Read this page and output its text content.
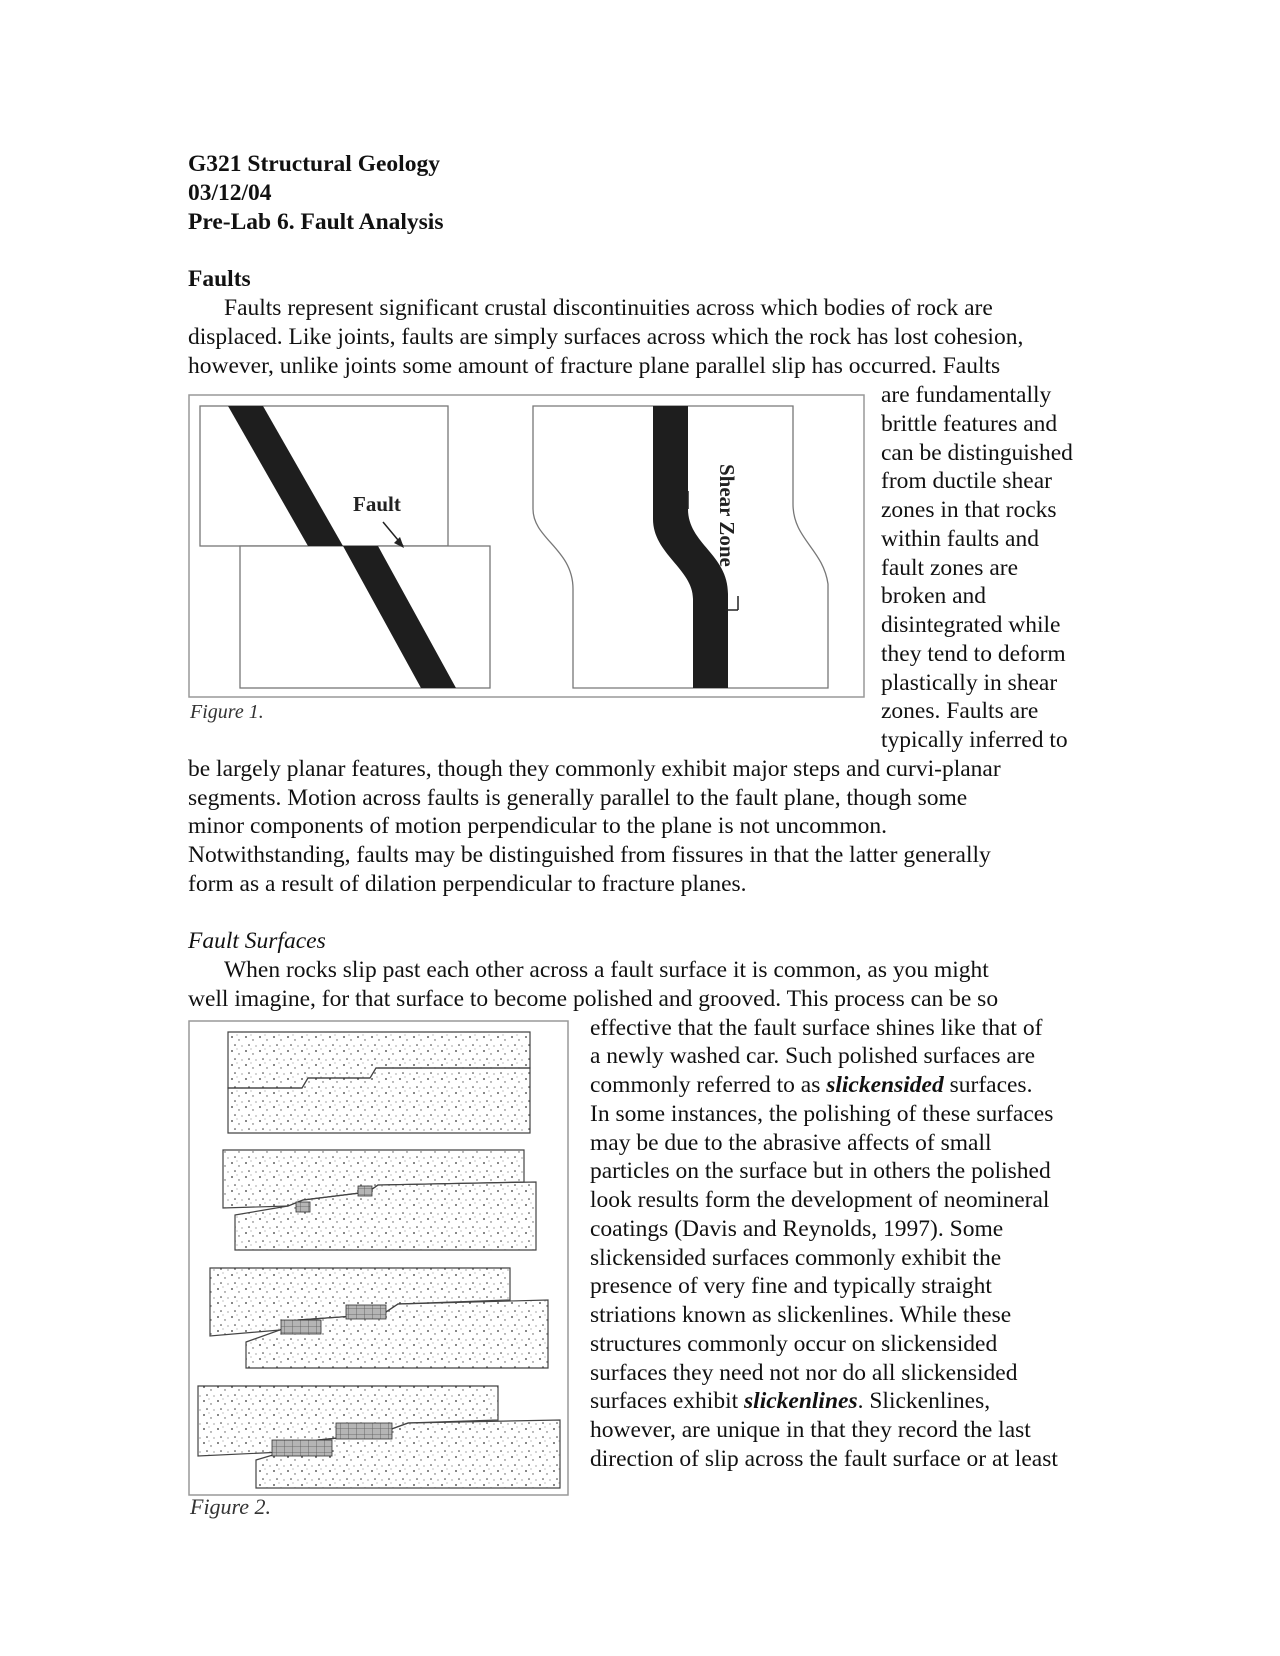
G321 Structural Geology
03/12/04
Pre-Lab 6. Fault Analysis
Faults

Faults represent significant crustal discontinuities across which bodies of rock are

displaced. Like joints, faults are simply surfaces across which the rock has lost cohesion,

however, unlike joints some amount of fracture plane parallel slip has occurred. Faults

are fundamentally

brittle features and

can be distinguished

from ductile shear

zones in that rocks

within faults and

fault zones are

broken and

disintegrated while

they tend to deform

plastically in shear

zones. Faults are

typically inferred to

Fault	Shear Zone
Figure 1.

be largely planar features, though they commonly exhibit major steps and curvi-planar

segments. Motion across faults is generally parallel to the fault plane, though some

minor components of motion perpendicular to the plane is not uncommon.

Notwithstanding, faults may be distinguished from fissures in that the latter generally

form as a result of dilation perpendicular to fracture planes.

Fault Surfaces

When rocks slip past each other across a fault surface it is common, as you might

well imagine, for that surface to become polished and grooved. This process can be so

effective that the fault surface shines like that of

a newly washed car. Such polished surfaces are

commonly referred to as slickensided surfaces.

In some instances, the polishing of these surfaces

may be due to the abrasive affects of small

particles on the surface but in others the polished

look results form the development of neomineral

coatings (Davis and Reynolds, 1997). Some

slickensided surfaces commonly exhibit the

presence of very fine and typically straight

striations known as slickenlines. While these

structures commonly occur on slickensided

surfaces they need not nor do all slickensided

surfaces exhibit slickenlines. Slickenlines,

however, are unique in that they record the last

direction of slip across the fault surface or at least

Figure 2.
